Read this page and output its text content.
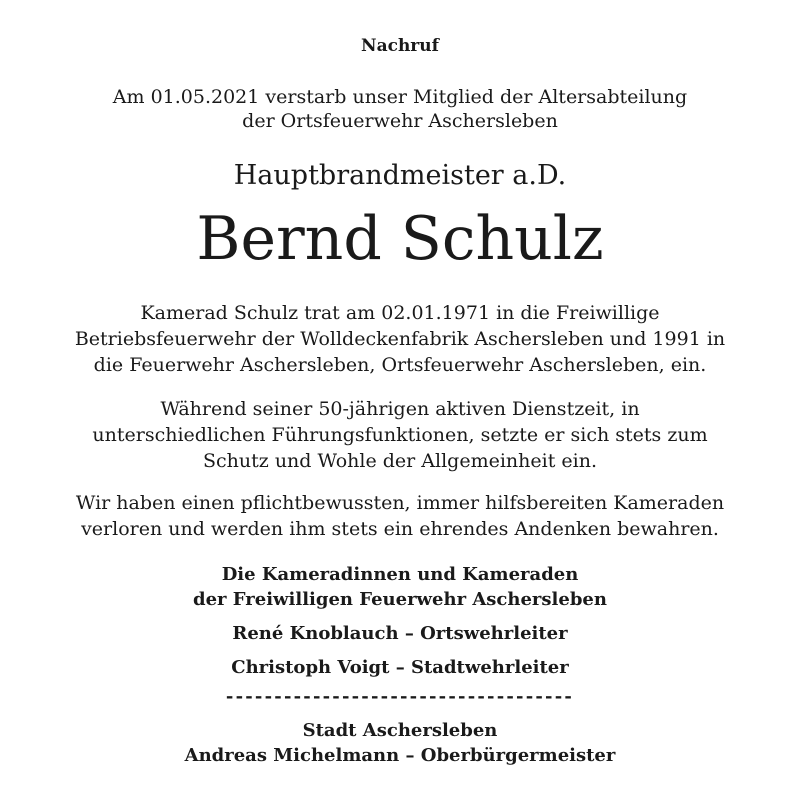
Nachruf
Am 01.05.2021 verstarb unser Mitglied der Altersabteilung
der Ortsfeuerwehr Aschersleben
Hauptbrandmeister a.D.
Bernd Schulz
Kamerad Schulz trat am 02.01.1971 in die Freiwillige
Betriebsfeuerwehr der Wolldeckenfabrik Aschersleben und 1991 in
die Feuerwehr Aschersleben, Ortsfeuerwehr Aschersleben, ein.
Während seiner 50-jährigen aktiven Dienstzeit, in
unterschiedlichen Führungsfunktionen, setzte er sich stets zum
Schutz und Wohle der Allgemeinheit ein.
Wir haben einen pflichtbewussten, immer hilfsbereiten Kameraden
verloren und werden ihm stets ein ehrendes Andenken bewahren.
Die Kameradinnen und Kameraden
der Freiwilligen Feuerwehr Aschersleben
René Knoblauch – Ortswehrleiter
Christoph Voigt – Stadtwehrleiter
------------------------------------
Stadt Aschersleben
Andreas Michelmann – Oberbürgermeister
